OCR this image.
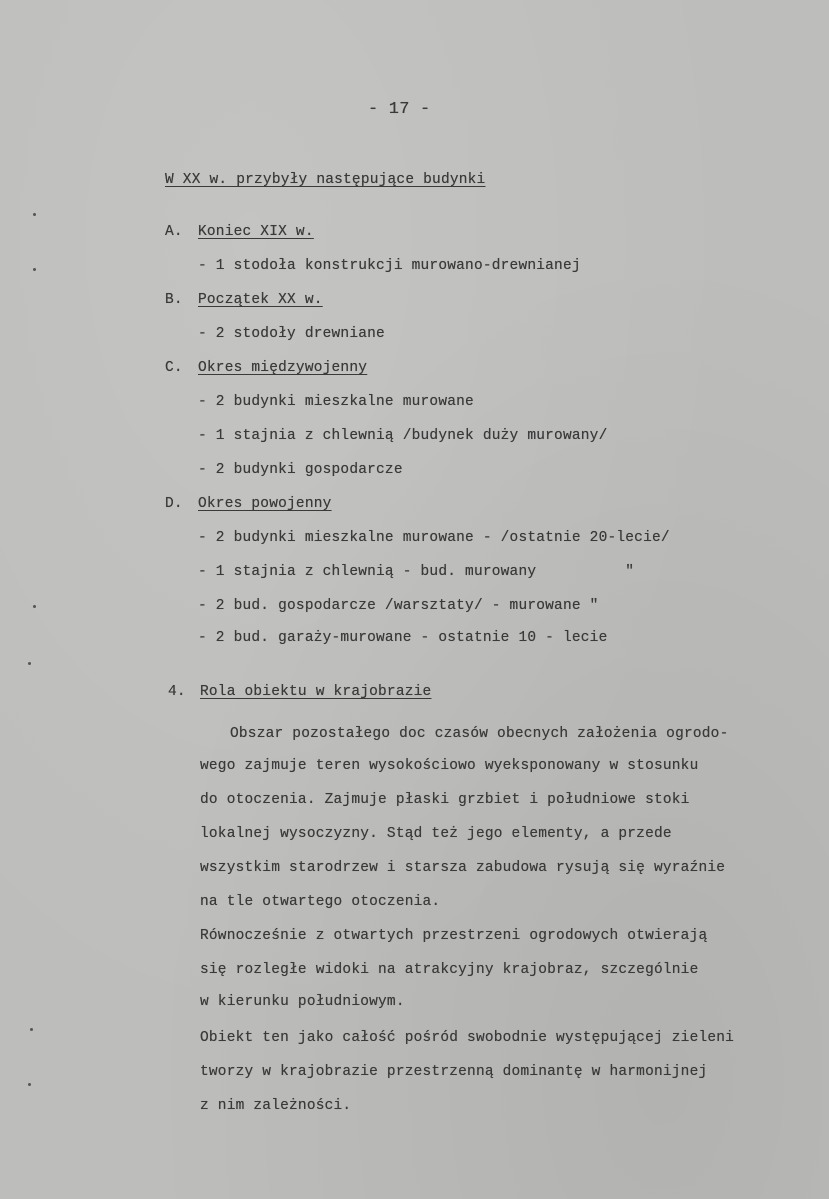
- 17 -
W XX w. przybyły następujące budynki
A. Koniec XIX w.
- 1 stodoła konstrukcji murowano-drewnianej
B. Początek XX w.
- 2 stodoły drewniane
C. Okres międzywojenny
- 2 budynki mieszkalne murowane
- 1 stajnia z chlewnią /budynek duży murowany/
- 2 budynki gospodarcze
D. Okres powojenny
- 2 budynki mieszkalne murowane - /ostatnie 20-lecie/
- 1 stajnia z chlewnią - bud. murowany          "
- 2 bud. gospodarcze /warsztaty/ - murowane "
- 2 bud. garaży-murowane - ostatnie 10 - lecie
4. Rola obiektu w krajobrazie
Obszar pozostałego doc czasów obecnych założenia ogrodo-
wego zajmuje teren wysokościowo wyeksponowany w stosunku
do otoczenia. Zajmuje płaski grzbiet i południowe stoki
lokalnej wysoczyzny. Stąd też jego elementy, a przede
wszystkim starodrzew i starsza zabudowa rysują się wyraźnie
na tle otwartego otoczenia.
Równocześnie z otwartych przestrzeni ogrodowych otwierają
się rozległe widoki na atrakcyjny krajobraz, szczególnie
w kierunku południowym.
Obiekt ten jako całość pośród swobodnie występującej zieleni
tworzy w krajobrazie przestrzenną dominantę w harmonijnej
z nim zależności.
